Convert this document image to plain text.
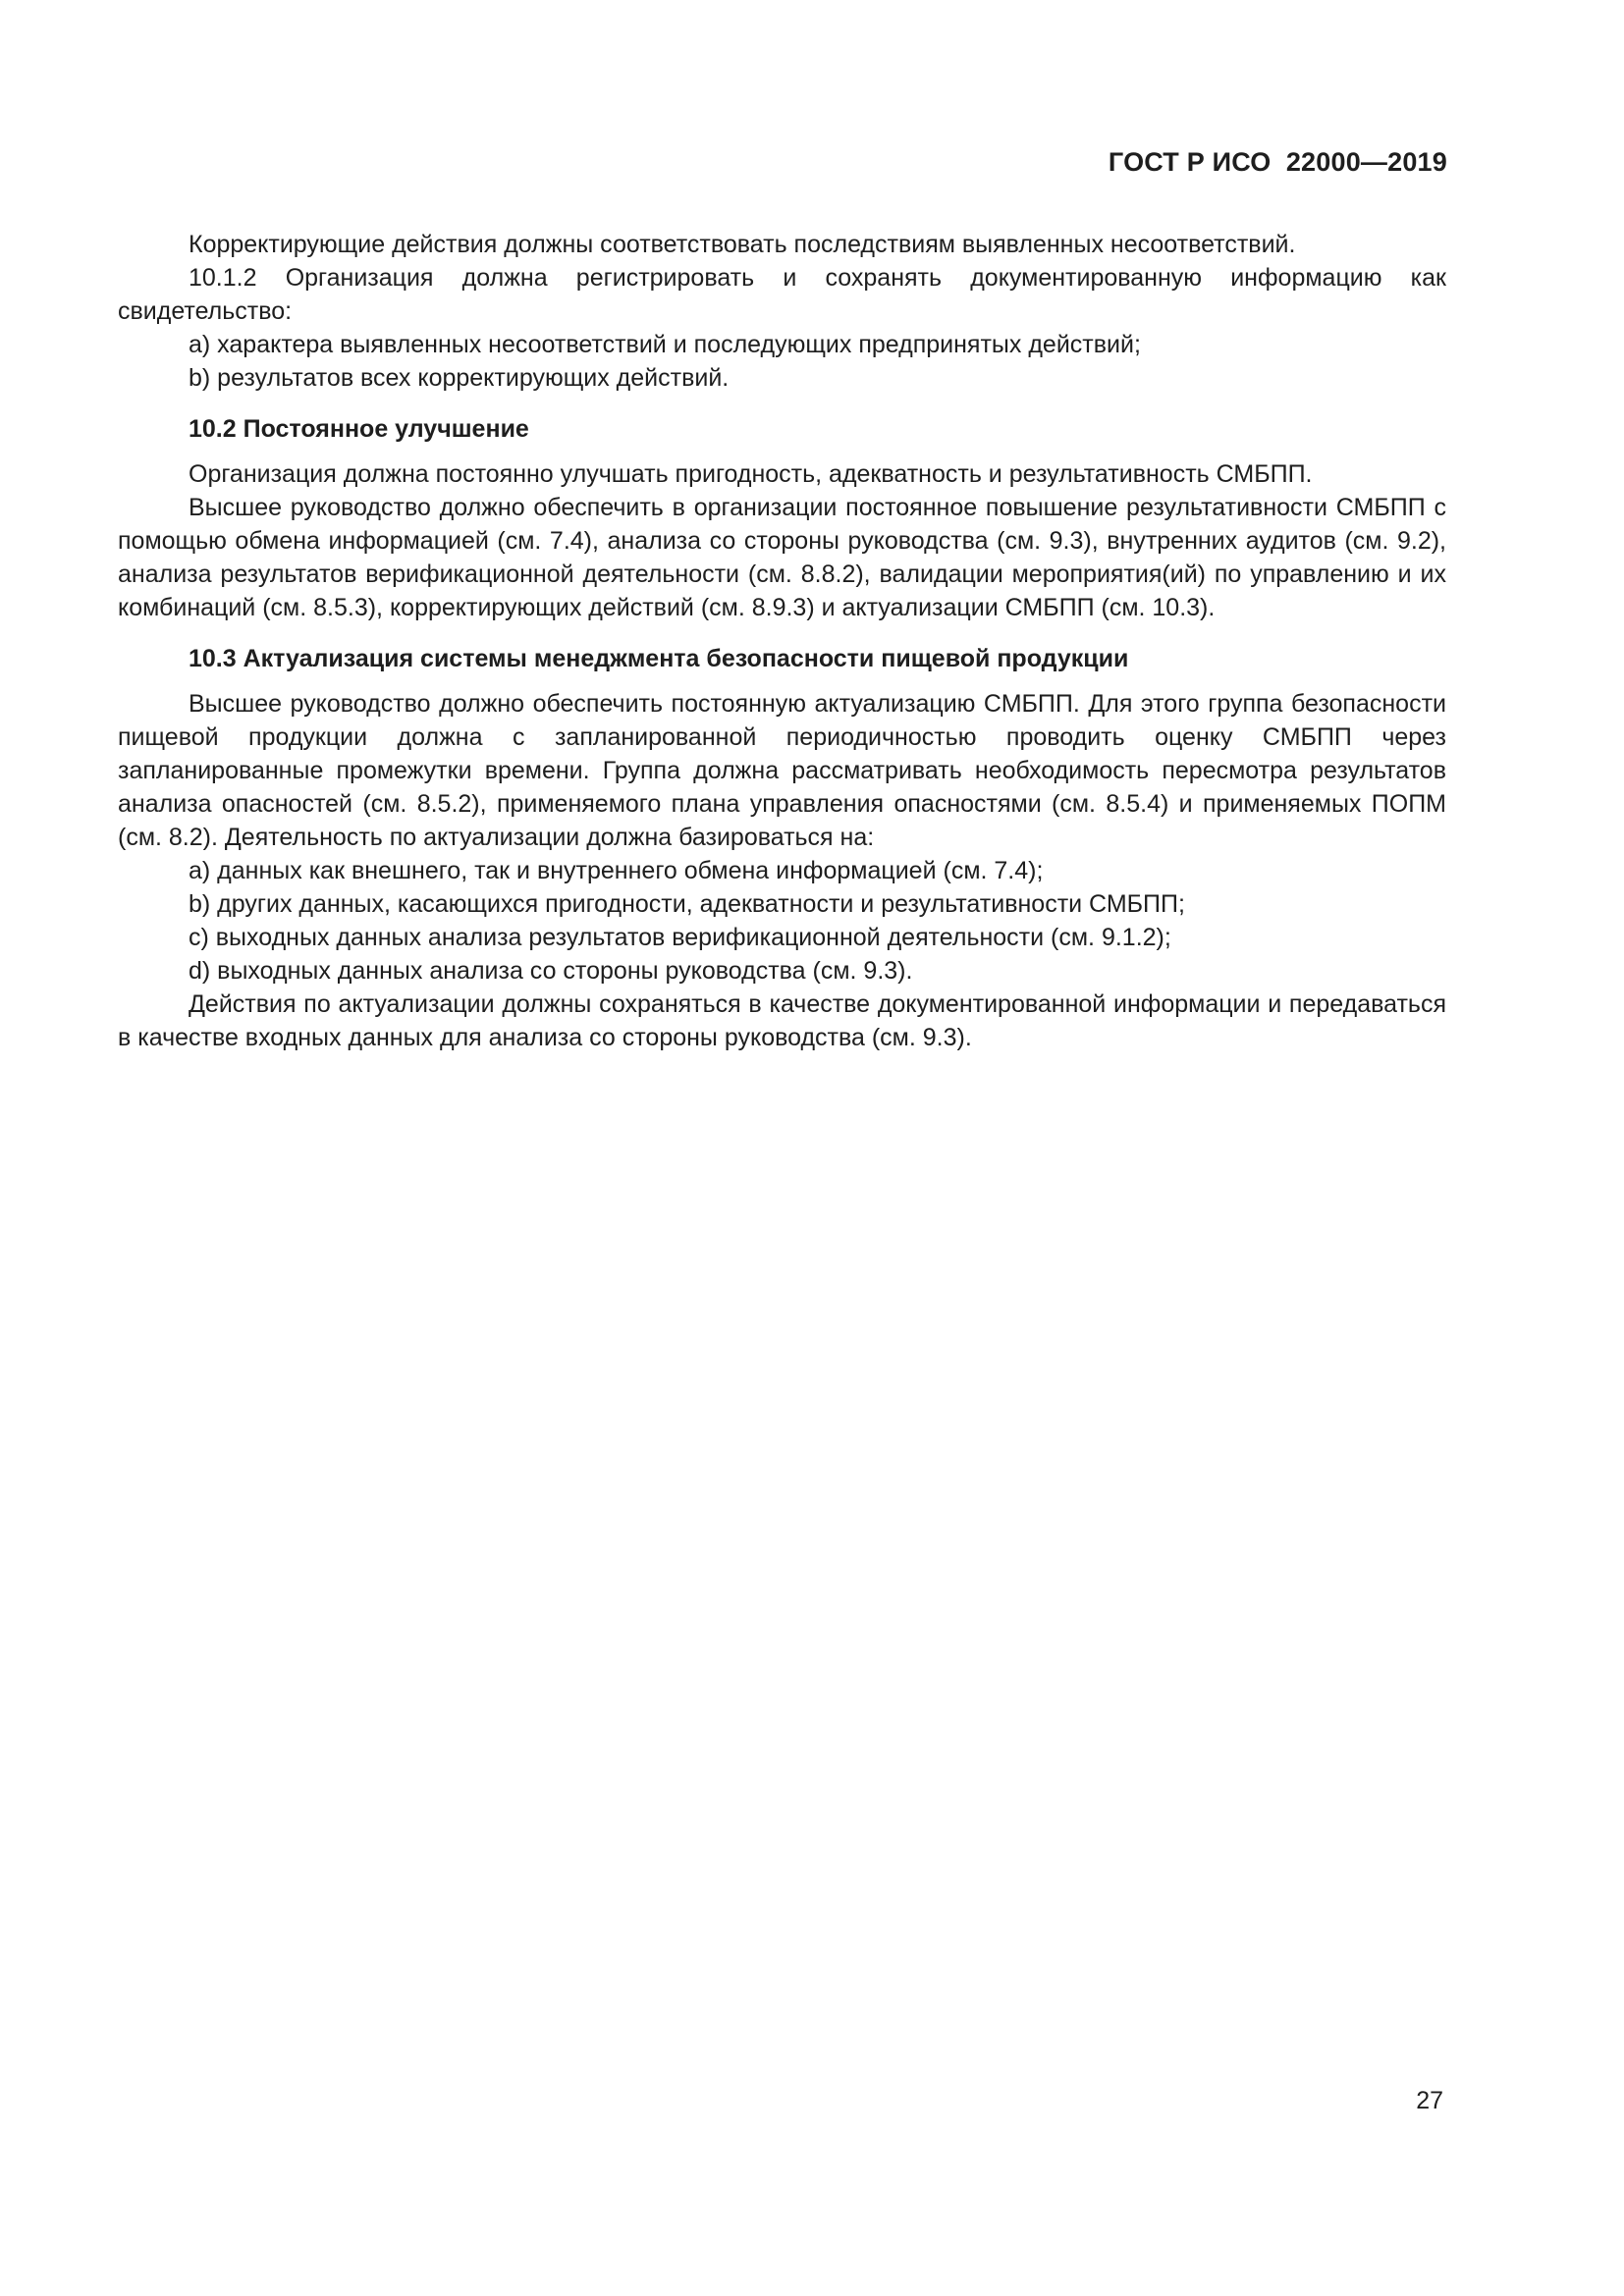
ГОСТ Р ИСО  22000—2019

Корректирующие действия должны соответствовать последствиям выявленных несоответствий.

10.1.2 Организация должна регистрировать и сохранять документированную информацию как свидетельство:

a) характера выявленных несоответствий и последующих предпринятых действий;

b) результатов всех корректирующих действий.

10.2 Постоянное улучшение

Организация должна постоянно улучшать пригодность, адекватность и результативность СМБПП.

Высшее руководство должно обеспечить в организации постоянное повышение результативности СМБПП с помощью обмена информацией (см. 7.4), анализа со стороны руководства (см. 9.3), внутренних аудитов (см. 9.2), анализа результатов верификационной деятельности (см. 8.8.2), валидации мероприятия(ий) по управлению и их комбинаций (см. 8.5.3), корректирующих действий (см. 8.9.3) и актуализации СМБПП (см. 10.3).

10.3 Актуализация системы менеджмента безопасности пищевой продукции

Высшее руководство должно обеспечить постоянную актуализацию СМБПП. Для этого группа безопасности пищевой продукции должна с запланированной периодичностью проводить оценку СМБПП через запланированные промежутки времени. Группа должна рассматривать необходимость пересмотра результатов анализа опасностей (см. 8.5.2), применяемого плана управления опасностями (см. 8.5.4) и применяемых ПОПМ (см. 8.2). Деятельность по актуализации должна базироваться на:

a) данных как внешнего, так и внутреннего обмена информацией (см. 7.4);

b) других данных, касающихся пригодности, адекватности и результативности СМБПП;

c) выходных данных анализа результатов верификационной деятельности (см. 9.1.2);

d) выходных данных анализа со стороны руководства (см. 9.3).

Действия по актуализации должны сохраняться в качестве документированной информации и передаваться в качестве входных данных для анализа со стороны руководства (см. 9.3).

27
